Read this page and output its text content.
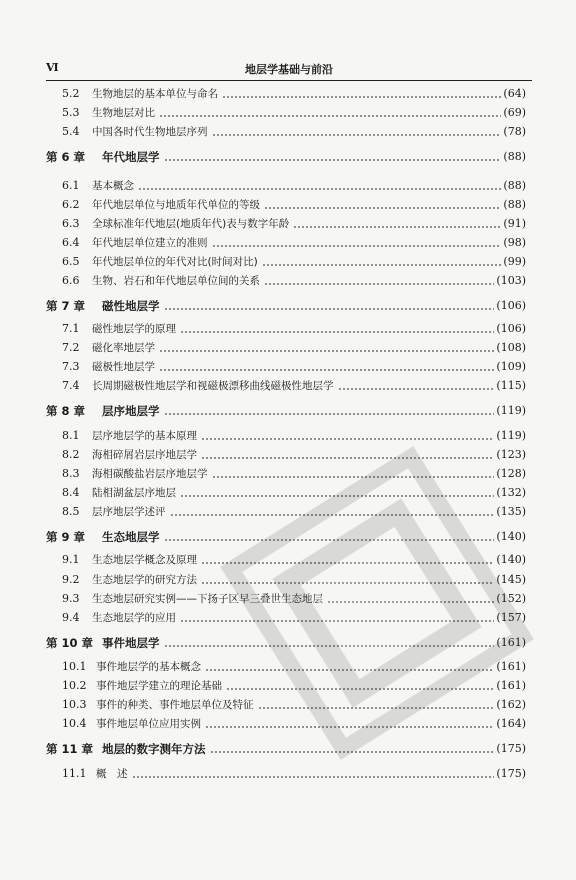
Ⅵ	地层学基础与前沿
5.2	生物地层的基本单位与命名	(64)
5.3	生物地层对比	(69)
5.4	中国各时代生物地层序列	(78)
第 6 章	年代地层学	(88)
6.1	基本概念	(88)
6.2	年代地层单位与地质年代单位的等级	(88)
6.3	全球标准年代地层(地质年代)表与数字年龄	(91)
6.4	年代地层单位建立的准则	(98)
6.5	年代地层单位的年代对比(时间对比)	(99)
6.6	生物、岩石和年代地层单位间的关系	(103)
第 7 章	磁性地层学	(106)
7.1	磁性地层学的原理	(106)
7.2	磁化率地层学	(108)
7.3	磁极性地层学	(109)
7.4	长周期磁极性地层学和视磁极漂移曲线磁极性地层学	(115)
第 8 章	层序地层学	(119)
8.1	层序地层学的基本原理	(119)
8.2	海相碎屑岩层序地层学	(123)
8.3	海相碳酸盐岩层序地层学	(128)
8.4	陆相湖盆层序地层	(132)
8.5	层序地层学述评	(135)
第 9 章	生态地层学	(140)
9.1	生态地层学概念及原理	(140)
9.2	生态地层学的研究方法	(145)
9.3	生态地层研究实例——下扬子区早三叠世生态地层	(152)
9.4	生态地层学的应用	(157)
第 10 章 事件地层学	(161)
10.1 事件地层学的基本概念	(161)
10.2 事件地层学建立的理论基础	(161)
10.3 事件的种类、事件地层单位及特征	(162)
10.4 事件地层单位应用实例	(164)
第 11 章 地层的数字测年方法	(175)
11.1 概　述	(175)
